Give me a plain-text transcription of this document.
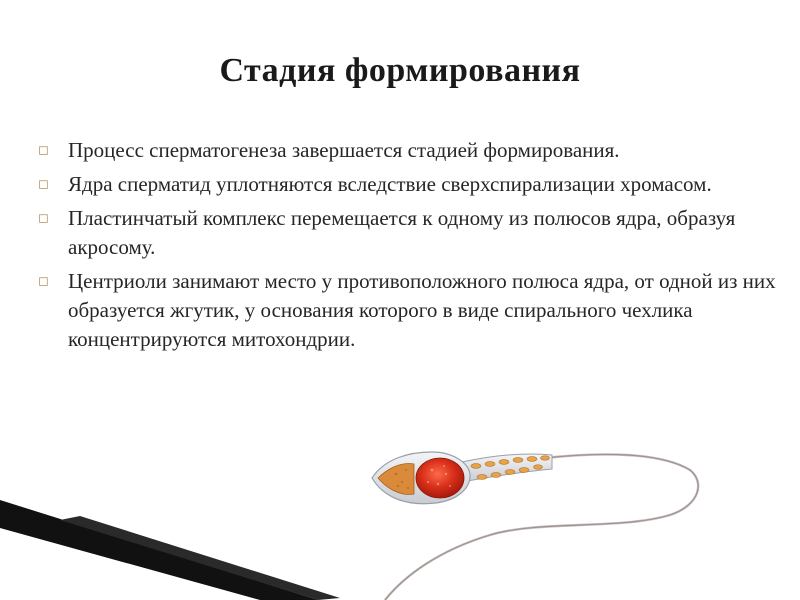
Стадия формирования
◻ Процесс сперматогенеза завершается стадией формирования.
◻ Ядра сперматид уплотняются вследствие сверхспирализации хромасом.
◻ Пластинчатый комплекс перемещается к одному из полюсов ядра, образуя акросому.
◻ Центриоли занимают место у противоположного полюса ядра, от одной из них образуется жгутик, у основания которого в виде спирального чехлика концентрируются митохондрии.
